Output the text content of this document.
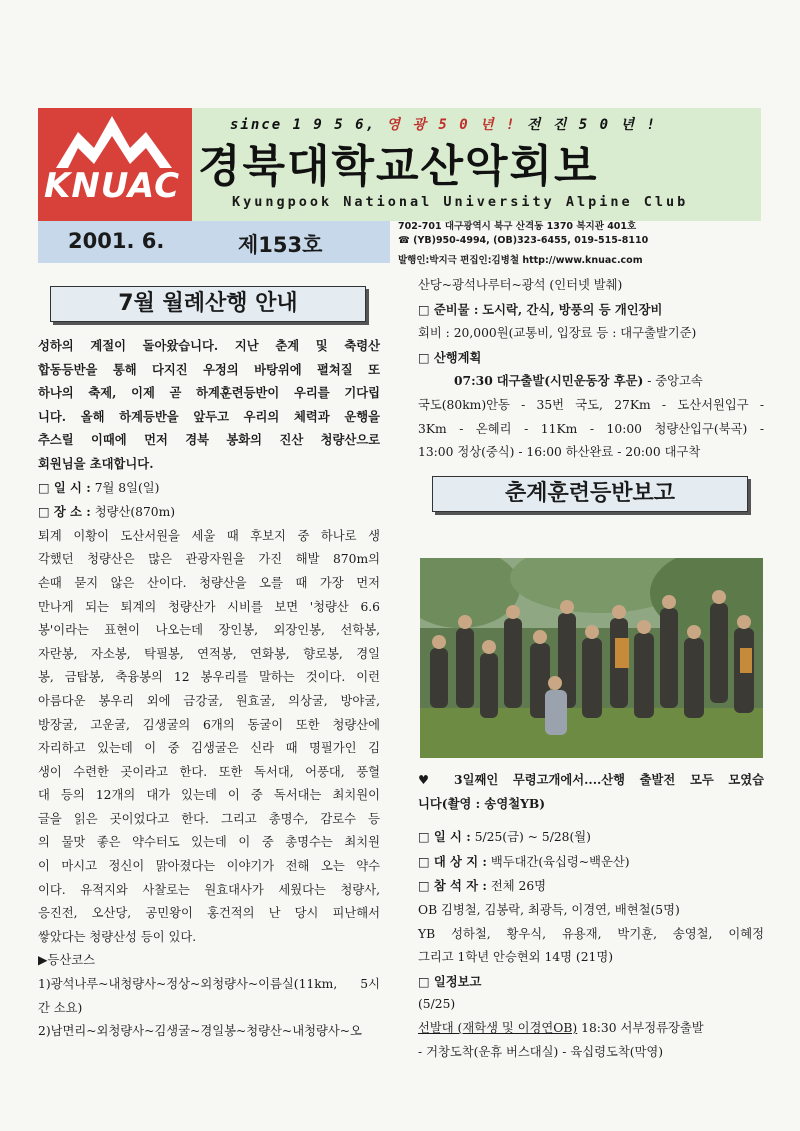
KNUAC
since 1 9 5 6, 영 광 5 0 년 ! 전 진 5 0 년 !
경북대학교산악회보
Kyungpook National University Alpine Club
2001. 6.	제153호
702-701 대구광역시 북구 산격동 1370 복지관 401호
☎ (YB)950-4994, (OB)323-6455, 019-515-8110
발행인:박지극 편집인:김병철 http://www.knuac.com
7월 월례산행 안내

성하의 계절이 돌아왔습니다. 지난 춘계 및 축령산

합동등반을 통해 다지진 우정의 바탕위에 펼쳐질 또

하나의 축제, 이제 곧 하계훈련등반이 우리를 기다립

니다. 올해 하계등반을 앞두고 우리의 체력과 운행을

추스릴 이때에 먼저 경북 봉화의 진산 청량산으로

회원님을 초대합니다.

□ 일 시 : 7월 8일(일)

□ 장 소 : 청량산(870m)

퇴계 이황이 도산서원을 세울 때 후보지 중 하나로 생

각했던 청량산은 많은 관광자원을 가진 해발 870m의

손때 묻지 않은 산이다. 청량산을 오를 때 가장 먼저

만나게 되는 퇴계의 청량산가 시비를 보면 '청량산 6.6

봉'이라는 표현이 나오는데 장인봉, 외장인봉, 선학봉,

자란봉, 자소봉, 탁필봉, 연적봉, 연화봉, 향로봉, 경일

봉, 금탑봉, 축융봉의 12 봉우리를 말하는 것이다. 이런

아름다운 봉우리 외에 금강굴, 원효굴, 의상굴, 방야굴,

방장굴, 고운굴, 김생굴의 6개의 동굴이 또한 청량산에

자리하고 있는데 이 중 김생굴은 신라 때 명필가인 김

생이 수련한 곳이라고 한다. 또한 독서대, 어풍대, 풍혈

대 등의 12개의 대가 있는데 이 중 독서대는 최치원이

글을 읽은 곳이었다고 한다. 그리고 총명수, 감로수 등

의 물맛 좋은 약수터도 있는데 이 중 총명수는 최치원

이 마시고 정신이 맑아졌다는 이야기가 전해 오는 약수

이다. 유적지와 사찰로는 원효대사가 세웠다는 청량사,

응진전, 오산당, 공민왕이 홍건적의 난 당시 피난해서

쌓았다는 청량산성 등이 있다.

▶등산코스

1)광석나루~내청량사~정상~외청량사~이름실(11km, 5시

간 소요)

2)남면리~외청량사~김생굴~경일봉~청량산~내청량사~오

산당~광석나루터~광석 (인터넷 발췌)

□ 준비물 : 도시락, 간식, 방풍의 등 개인장비

회비 : 20,000원(교통비, 입장료 등 : 대구출발기준)

□ 산행계획

07:30 대구출발(시민운동장 후문) - 중앙고속

국도(80km)안동 - 35번 국도, 27Km - 도산서원입구 -

3Km - 온혜리 - 11Km - 10:00 청량산입구(북곡) -

13:00 정상(중식) - 16:00 하산완료 - 20:00 대구착

춘계훈련등반보고

♥ 3일째인 무령고개에서....산행 출발전 모두 모였습

니다(촬영 : 송영철YB)

□ 일 시 : 5/25(금) ~ 5/28(월)

□ 대 상 지 : 백두대간(육십령~백운산)

□ 참 석 자 : 전체 26명

OB 김병철, 김봉락, 최광득, 이경연, 배현철(5명)

YB 성하철, 황우식, 유용재, 박기훈, 송영철, 이혜정

그리고 1학년 안승현외 14명 (21명)

□ 일정보고

(5/25)

선발대 (재학생 및 이경연OB) 18:30 서부정류장출발

- 거창도착(운휴 버스대실) - 육십령도착(막영)
